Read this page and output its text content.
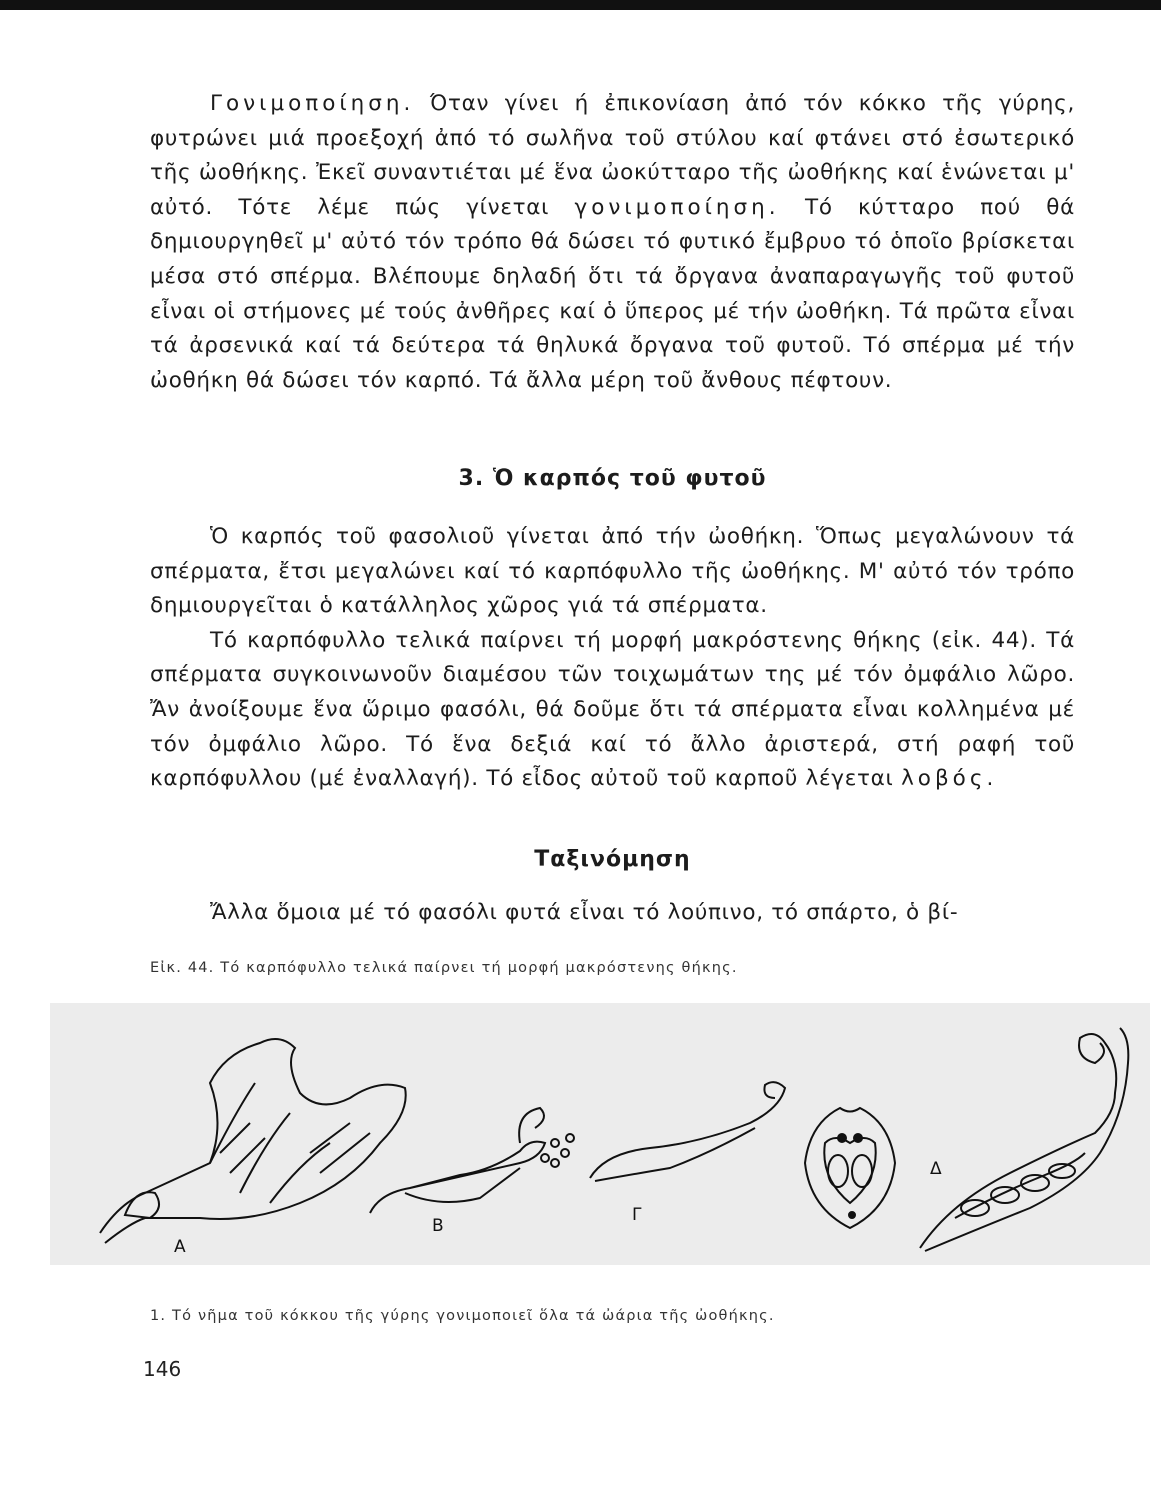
Γονιμοποίηση. Όταν γίνει ή ἐπικονίαση ἀπό τόν κόκκο τῆς γύρης, φυτρώνει μιά προεξοχή ἀπό τό σωλῆνα τοῦ στύλου καί φτάνει στό ἐσωτερικό τῆς ὠοθήκης. Ἐκεῖ συναντιέται μέ ἕνα ὠοκύτταρο τῆς ὠοθήκης καί ἑνώνεται μ' αὐτό. Τότε λέμε πώς γίνεται γονιμοποίηση. Τό κύτταρο πού θά δημιουργηθεῖ μ' αὐτό τόν τρόπο θά δώσει τό φυτικό ἔμβρυο τό ὁποῖο βρίσκεται μέσα στό σπέρμα. Βλέπουμε δηλαδή ὅτι τά ὄργανα ἀναπαραγωγῆς τοῦ φυτοῦ εἶναι οἱ στήμονες μέ τούς ἀνθῆρες καί ὁ ὕπερος μέ τήν ὠοθήκη. Τά πρῶτα εἶναι τά ἀρσενικά καί τά δεύτερα τά θηλυκά ὄργανα τοῦ φυτοῦ. Τό σπέρμα μέ τήν ὠοθήκη θά δώσει τόν καρπό. Τά ἄλλα μέρη τοῦ ἄνθους πέφτουν.

3. Ὁ καρπός τοῦ φυτοῦ

Ὁ καρπός τοῦ φασολιοῦ γίνεται ἀπό τήν ὠοθήκη. Ὅπως μεγαλώνουν τά σπέρματα, ἔτσι μεγαλώνει καί τό καρπόφυλλο τῆς ὠοθήκης. Μ' αὐτό τόν τρόπο δημιουργεῖται ὁ κατάλληλος χῶρος γιά τά σπέρματα.

Τό καρπόφυλλο τελικά παίρνει τή μορφή μακρόστενης θήκης (εἰκ. 44). Τά σπέρματα συγκοινωνοῦν διαμέσου τῶν τοιχωμάτων της μέ τόν ὀμφάλιο λῶρο. Ἄν ἀνοίξουμε ἕνα ὥριμο φασόλι, θά δοῦμε ὅτι τά σπέρματα εἶναι κολλημένα μέ τόν ὀμφάλιο λῶρο. Τό ἕνα δεξιά καί τό ἄλλο ἀριστερά, στή ραφή τοῦ καρπόφυλλου (μέ ἐναλλαγή). Τό εἶδος αὐτοῦ τοῦ καρποῦ λέγεται λοβός.

Ταξινόμηση

Ἄλλα ὅμοια μέ τό φασόλι φυτά εἶναι τό λούπινο, τό σπάρτο, ὁ βί-

Εἰκ. 44. Τό καρπόφυλλο τελικά παίρνει τή μορφή μακρόστενης θήκης.
Α
Β
Γ
Δ
1. Τό νῆμα τοῦ κόκκου τῆς γύρης γονιμοποιεῖ ὅλα τά ὠάρια τῆς ὠοθήκης.
146
